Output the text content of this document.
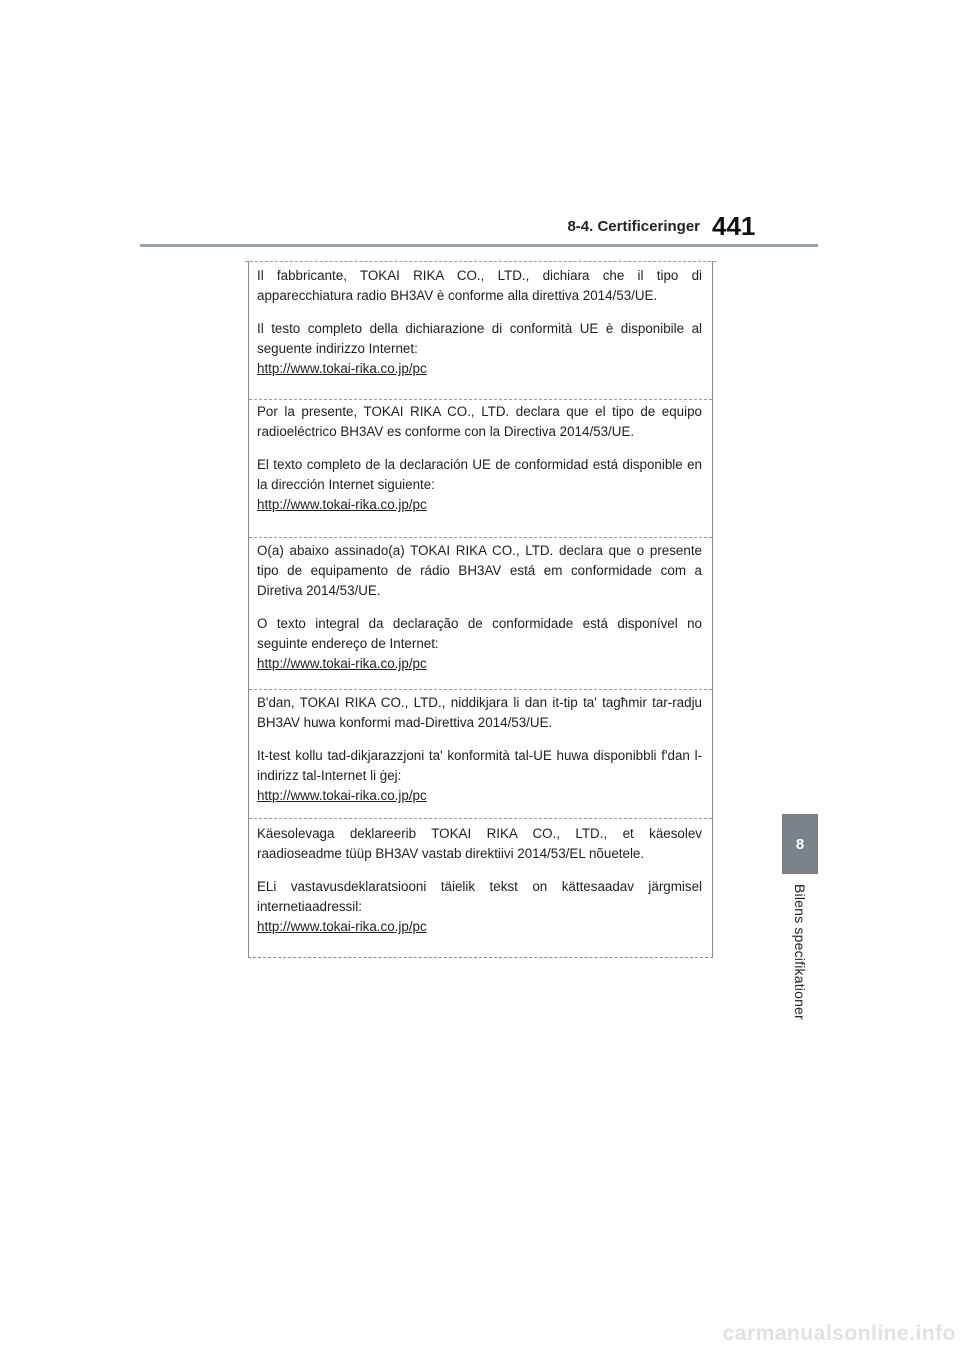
8-4. Certificeringer 441
8
Bilens specifikationer

Il fabbricante, TOKAI RIKA CO., LTD., dichiara che il tipo di apparecchiatura radio BH3AV è conforme alla direttiva 2014/53/UE.

Il testo completo della dichiarazione di conformità UE è disponibile al seguente indirizzo Internet:

http://www.tokai-rika.co.jp/pc

Por la presente, TOKAI RIKA CO., LTD. declara que el tipo de equipo radioeléctrico BH3AV es conforme con la Directiva 2014/53/UE.

El texto completo de la declaración UE de conformidad está disponible en la dirección Internet siguiente:

http://www.tokai-rika.co.jp/pc

O(a) abaixo assinado(a) TOKAI RIKA CO., LTD. declara que o presente tipo de equipamento de rádio BH3AV está em conformidade com a Diretiva 2014/53/UE.

O texto integral da declaração de conformidade está disponível no seguinte endereço de Internet:

http://www.tokai-rika.co.jp/pc

B'dan, TOKAI RIKA CO., LTD., niddikjara li dan it-tip ta' tagħmir tar-radju BH3AV huwa konformi mad-Direttiva 2014/53/UE.

It-test kollu tad-dikjarazzjoni ta' konformità tal-UE huwa disponibbli f'dan l-indirizz tal-Internet li ġej:

http://www.tokai-rika.co.jp/pc

Käesolevaga deklareerib TOKAI RIKA CO., LTD., et käesolev raadioseadme tüüp BH3AV vastab direktiivi 2014/53/EL nõuetele.

ELi vastavusdeklaratsiooni täielik tekst on kättesaadav järgmisel internetiaadressil:

http://www.tokai-rika.co.jp/pc
carmanualsonline.info
